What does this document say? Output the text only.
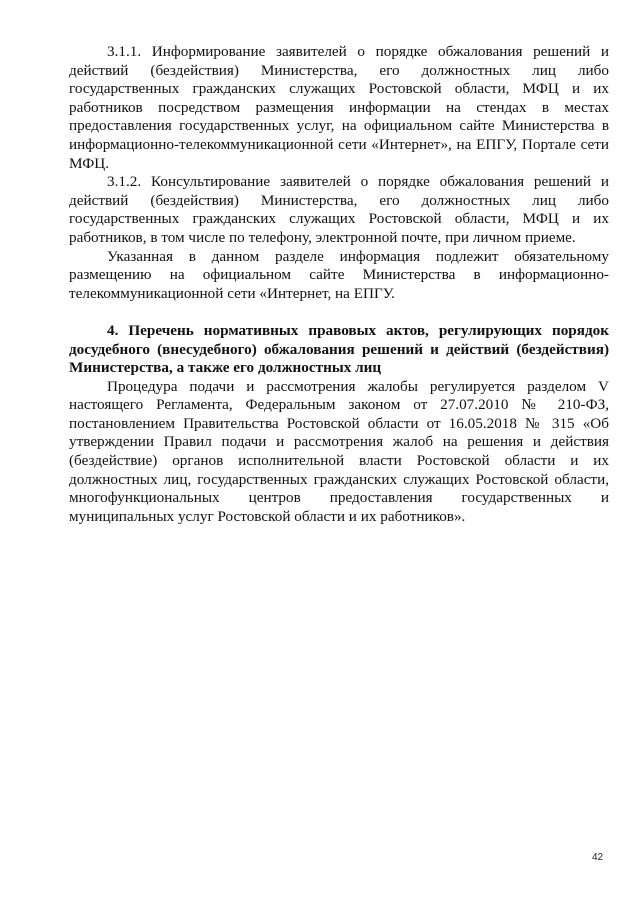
3.1.1. Информирование заявителей о порядке обжалования решений и действий (бездействия) Министерства, его должностных лиц либо государственных гражданских служащих Ростовской области, МФЦ и их работников посредством размещения информации на стендах в местах предоставления государственных услуг, на официальном сайте Министерства в информационно-телекоммуникационной сети «Интернет», на ЕПГУ, Портале сети МФЦ.

3.1.2. Консультирование заявителей о порядке обжалования решений и действий (бездействия) Министерства, его должностных лиц либо государственных гражданских служащих Ростовской области, МФЦ и их работников, в том числе по телефону, электронной почте, при личном приеме.

Указанная в данном разделе информация подлежит обязательному размещению на официальном сайте Министерства в информационно-телекоммуникационной сети «Интернет, на ЕПГУ.

4. Перечень нормативных правовых актов, регулирующих порядок досудебного (внесудебного) обжалования решений и действий (бездействия) Министерства, а также его должностных лиц

Процедура подачи и рассмотрения жалобы регулируется разделом V настоящего Регламента, Федеральным законом от 27.07.2010 № 210-ФЗ, постановлением Правительства Ростовской области от 16.05.2018 № 315 «Об утверждении Правил подачи и рассмотрения жалоб на решения и действия (бездействие) органов исполнительной власти Ростовской области и их должностных лиц, государственных гражданских служащих Ростовской области, многофункциональных центров предоставления государственных и муниципальных услуг Ростовской области и их работников».

42
